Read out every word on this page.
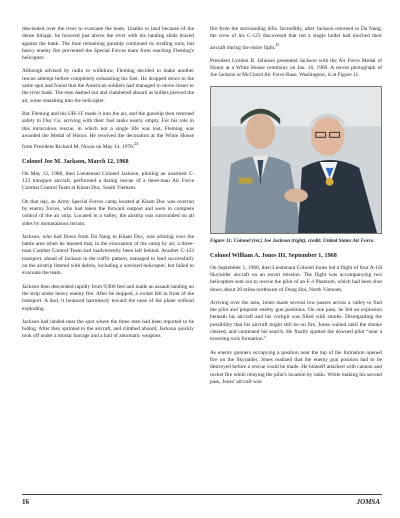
descended over the river to evacuate the team. Unable to land because of the dense foliage, he hovered just above the river with his landing skids braced against the bank. The lone remaining gunship continued its strafing runs, but heavy enemy fire prevented the Special Forces team from reaching Fleming's helicopter.

Although advised by radio to withdraw, Fleming decided to make another rescue attempt before completely exhausting his fuel. He dropped down to the same spot and found that the American soldiers had managed to move closer to the river bank. The men dashed out and clambered aboard as bullets pierced the air, some smashing into the helicopter.

But Fleming and his UH-1F made it into the air, and the gunship then returned safely to Duc Co, arriving with their fuel tanks nearly empty. For his role in this miraculous rescue, in which not a single life was lost, Fleming was awarded the Medal of Honor. He received the decoration at the White House from President Richard M. Nixon on May 14, 1970.24

Colonel Joe M. Jackson, March 12, 1968

On May 12, 1968, then Lieutenant Colonel Jackson, piloting an unarmed C-123 transport aircraft, performed a daring rescue of a three-man Air Force Combat Control Team at Kham Duc, South Vietnam.

On that day, an Army Special Forces camp located at Kham Duc was overrun by enemy forces, who had taken the forward outpost and were in complete control of the air strip. Located in a valley, the airstrip was surrounded on all sides by mountainous terrain.

Jackson, who had flown from Da Nang to Kham Duc, was orbiting over the battle area when he learned that, in the evacuation of the camp by air, a three-man Combat Control Team had inadvertently been left behind. Another C-123 transport, ahead of Jackson in the traffic pattern, managed to land successfully on the airstrip littered with debris, including a wrecked helicopter, but failed to evacuate the team.

Jackson then descended rapidly from 9,000 feet and made an assault landing on the strip under heavy enemy fire. After he stopped, a rocket fell in front of the transport. A dud, it bounced harmlessly toward the nose of the plane without exploding.

Jackson had landed near the spot where the three men had been reported to be hiding. After they sprinted to the aircraft, and climbed aboard, Jackson quickly took off under a mortar barrage and a hail of automatic weapons

fire from the surrounding hills. Incredibly, after Jackson returned to Da Nang, the crew of his C-123 discovered that not a single bullet had touched their aircraft during the entire fight.$^{25}$

President Lyndon B. Johnson presented Jackson with the Air Force Medal of Honor at a White House ceremony on Jan. 16, 1969. A recent photograph of Joe Jackson at McChord Air Force Base, Washington, is at Figure 11.

Figure 11: Colonel (ret.) Joe Jackson (right), credit: United States Air Force.
Colonel William A. Jones III, September 1, 1968

On September 1, 1968, then Lieutenant Colonel Jones led a flight of four A-1H Skyraider aircraft on an escort mission. The flight was accompanying two helicopters sent out to rescue the pilot of an F-4 Phantom, which had been shot down about 20 miles northwest of Dong Hoi, North Vietnam.

Arriving over the area, Jones made several low passes across a valley to find the pilot and pinpoint enemy gun positions. On one pass, he felt an explosion beneath his aircraft and his cockpit was filled with smoke. Disregarding the possibility that his aircraft might still be on fire, Jones waited until the smoke cleared, and continued his search. He finally spotted the downed pilot “near a towering rock formation.”

As enemy gunners occupying a position near the top of the formation opened fire on the Skyraider, Jones realized that the enemy gun position had to be destroyed before a rescue could be made. He himself attacked with cannon and rocket fire while relaying the pilot's location by radio. While making his second pass, Jones' aircraft was

16	JOMSA
